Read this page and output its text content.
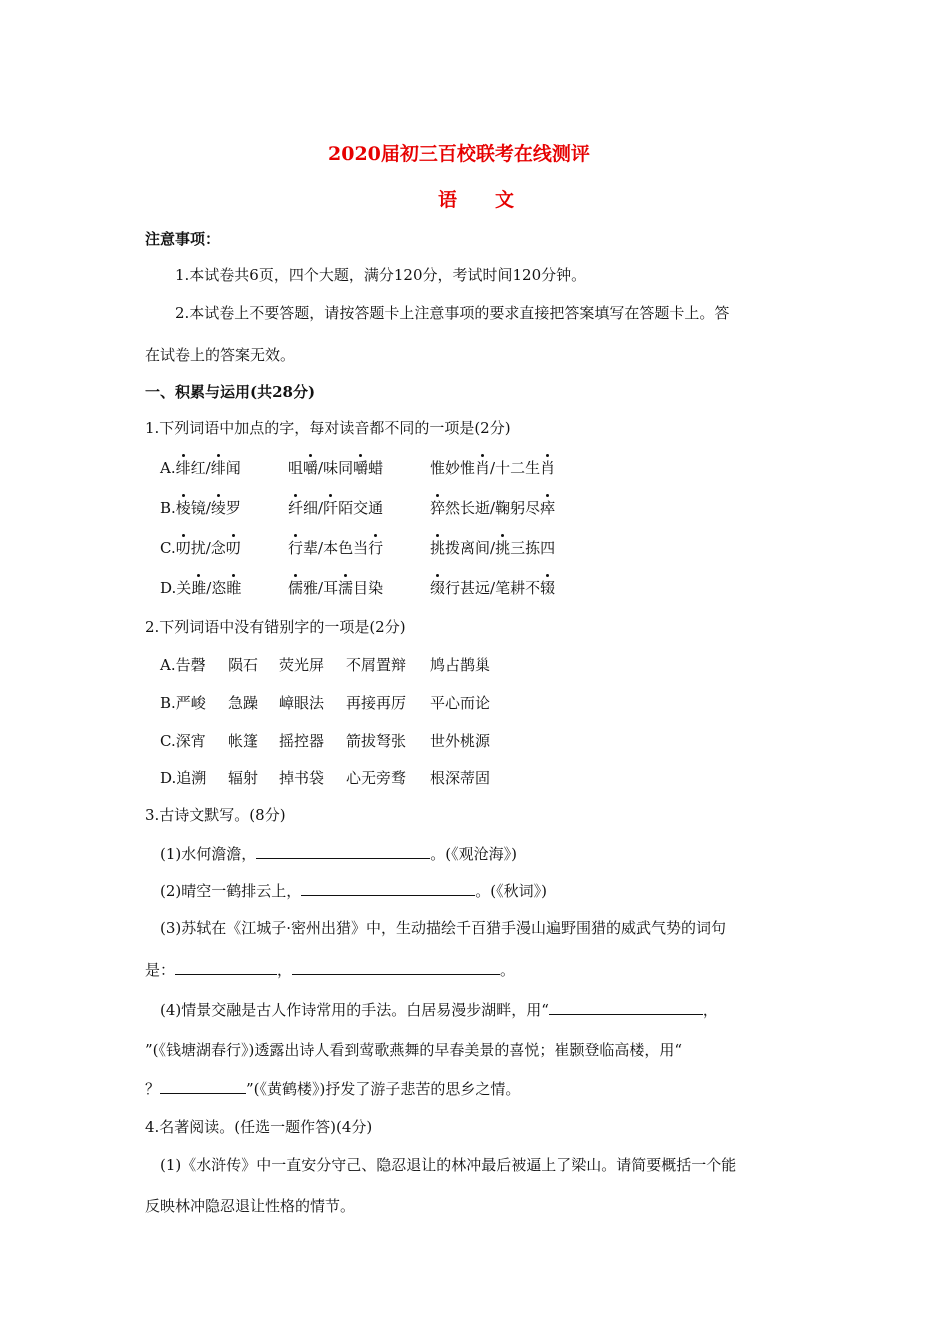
2020届初三百校联考在线测评
语　　文
注意事项：
1.本试卷共6页，四个大题，满分120分，考试时间120分钟。
2.本试卷上不要答题，请按答题卡上注意事项的要求直接把答案填写在答题卡上。答
在试卷上的答案无效。
一、积累与运用(共28分)
1.下列词语中加点的字，每对读音都不同的一项是(2分)
A.绯红/绯闻	咀嚼/味同嚼蜡	惟妙惟肖/十二生肖
B.棱镜/绫罗	纤细/阡陌交通	猝然长逝/鞠躬尽瘁
C.叨扰/念叨	行辈/本色当行	挑拨离间/挑三拣四
D.关雎/恣睢	儒雅/耳濡目染	缀行甚远/笔耕不辍
2.下列词语中没有错别字的一项是(2分)
A.告磬 陨石 荧光屏 不屑置辩 鸠占鹊巢
B.严峻 急躁 嶂眼法 再接再厉 平心而论
C.深宵 帐篷 摇控器 箭拔弩张 世外桃源
D.追溯 辐射 掉书袋 心无旁骛 根深蒂固
3.古诗文默写。(8分)
(1)水何澹澹，	。(《观沧海》)
(2)晴空一鹤排云上，	。(《秋词》)
(3)苏轼在《江城子·密州出猎》中，生动描绘千百猎手漫山遍野围猎的威武气势的词句
是：	，	。
(4)情景交融是古人作诗常用的手法。白居易漫步湖畔，用“	，
”(《钱塘湖春行》)透露出诗人看到莺歌燕舞的早春美景的喜悦；崔颢登临高楼，用“
？	”(《黄鹤楼》)抒发了游子悲苦的思乡之情。
4.名著阅读。(任选一题作答)(4分)
(1)《水浒传》中一直安分守己、隐忍退让的林冲最后被逼上了梁山。请简要概括一个能
反映林冲隐忍退让性格的情节。
